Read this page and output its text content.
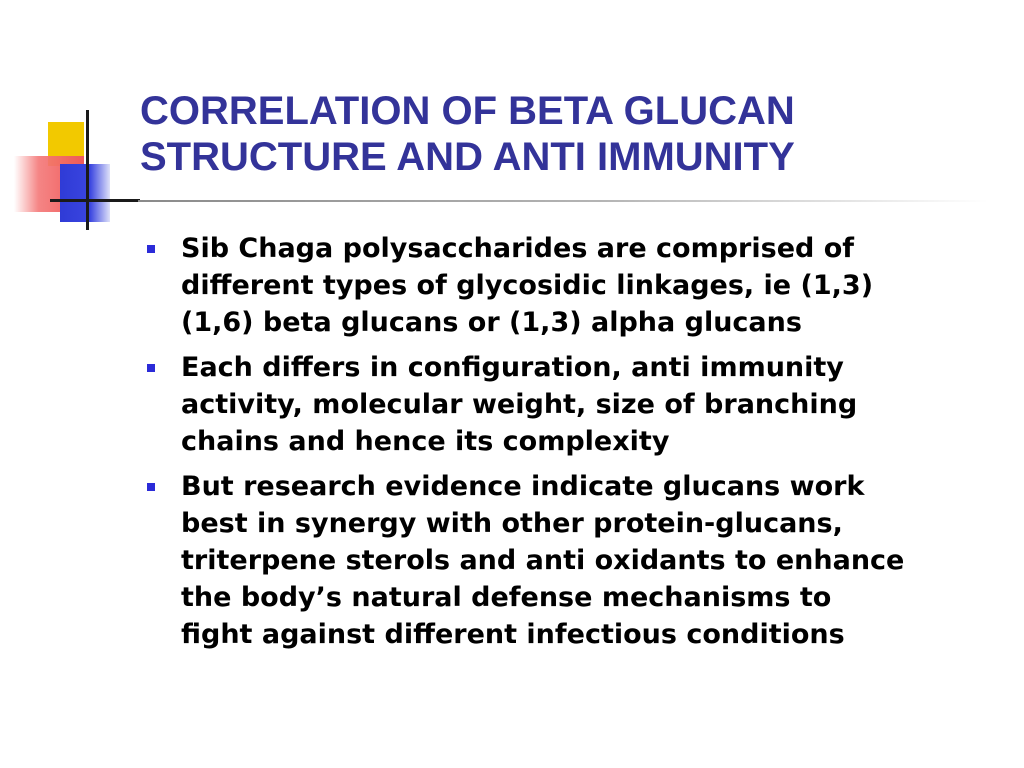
CORRELATION OF BETA GLUCAN
STRUCTURE AND ANTI IMMUNITY
Sib Chaga polysaccharides are comprised of
different types of glycosidic linkages, ie (1,3)
(1,6) beta glucans or (1,3) alpha glucans
Each differs in configuration, anti immunity
activity, molecular weight, size of branching
chains and hence its complexity
But research evidence indicate glucans work
best in synergy with other protein-glucans,
triterpene sterols and anti oxidants to enhance
the body’s natural defense mechanisms to
fight against different infectious conditions
